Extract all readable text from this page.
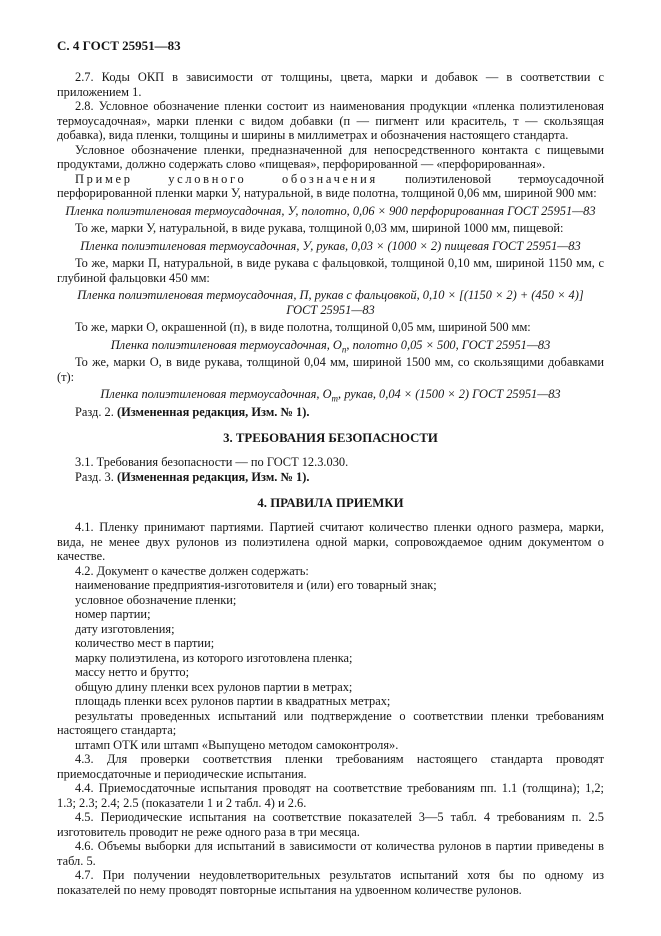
С. 4 ГОСТ 25951—83

2.7. Коды ОКП в зависимости от толщины, цвета, марки и добавок — в соответствии с приложением 1.

2.8. Условное обозначение пленки состоит из наименования продукции «пленка полиэтиленовая термоусадочная», марки пленки с видом добавки (п — пигмент или краситель, т — скользящая добавка), вида пленки, толщины и ширины в миллиметрах и обозначения настоящего стандарта.

Условное обозначение пленки, предназначенной для непосредственного контакта с пищевыми продуктами, должно содержать слово «пищевая», перфорированной — «перфорированная».

Пример условного обозначения полиэтиленовой термоусадочной перфорированной пленки марки У, натуральной, в виде полотна, толщиной 0,06 мм, шириной 900 мм:

Пленка полиэтиленовая термоусадочная, У, полотно, 0,06 × 900 перфорированная ГОСТ 25951—83

То же, марки У, натуральной, в виде рукава, толщиной 0,03 мм, шириной 1000 мм, пищевой:

Пленка полиэтиленовая термоусадочная, У, рукав, 0,03 × (1000 × 2) пищевая ГОСТ 25951—83

То же, марки П, натуральной, в виде рукава с фальцовкой, толщиной 0,10 мм, шириной 1150 мм, с глубиной фальцовки 450 мм:

Пленка полиэтиленовая термоусадочная, П, рукав с фальцовкой, 0,10 × [(1150 × 2) + (450 × 4)]
ГОСТ 25951—83

То же, марки О, окрашенной (п), в виде полотна, толщиной 0,05 мм, шириной 500 мм:

Пленка полиэтиленовая термоусадочная, $О_п$, полотно 0,05 × 500, ГОСТ 25951—83

То же, марки О, в виде рукава, толщиной 0,04 мм, шириной 1500 мм, со скользящими добавками (т):

Пленка полиэтиленовая термоусадочная, $О_т$, рукав, 0,04 × (1500 × 2) ГОСТ 25951—83

Разд. 2. (Измененная редакция, Изм. № 1).

3. ТРЕБОВАНИЯ БЕЗОПАСНОСТИ

3.1. Требования безопасности — по ГОСТ 12.3.030.

Разд. 3. (Измененная редакция, Изм. № 1).

4. ПРАВИЛА ПРИЕМКИ

4.1. Пленку принимают партиями. Партией считают количество пленки одного размера, марки, вида, не менее двух рулонов из полиэтилена одной марки, сопровождаемое одним документом о качестве.

4.2. Документ о качестве должен содержать:

наименование предприятия-изготовителя и (или) его товарный знак;

условное обозначение пленки;

номер партии;

дату изготовления;

количество мест в партии;

марку полиэтилена, из которого изготовлена пленка;

массу нетто и брутто;

общую длину пленки всех рулонов партии в метрах;

площадь пленки всех рулонов партии в квадратных метрах;

результаты проведенных испытаний или подтверждение о соответствии пленки требованиям настоящего стандарта;

штамп ОТК или штамп «Выпущено методом самоконтроля».

4.3. Для проверки соответствия пленки требованиям настоящего стандарта проводят приемосдаточные и периодические испытания.

4.4. Приемосдаточные испытания проводят на соответствие требованиям пп. 1.1 (толщина); 1,2; 1.3; 2.3; 2.4; 2.5 (показатели 1 и 2 табл. 4) и 2.6.

4.5. Периодические испытания на соответствие показателей 3—5 табл. 4 требованиям п. 2.5 изготовитель проводит не реже одного раза в три месяца.

4.6. Объемы выборки для испытаний в зависимости от количества рулонов в партии приведены в табл. 5.

4.7. При получении неудовлетворительных результатов испытаний хотя бы по одному из показателей по нему проводят повторные испытания на удвоенном количестве рулонов.
